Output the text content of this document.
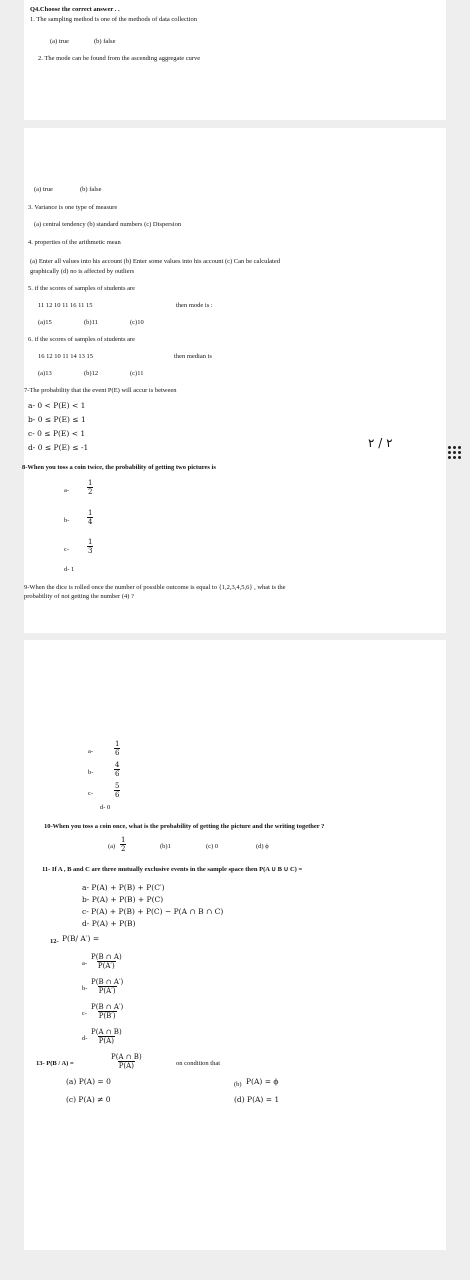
Q4.Choose the correct answer . .
1. The sampling method is one of the methods of data collection
(a) true	(b) false
2. The mode can be found from the ascending aggregate curve
(a) true	(b) false
3. Variance is one type of measure
(a) central tendency (b) standard numbers (c) Dispersion
4. properties of the arithmetic mean
(a) Enter all values into his account (b) Enter some values into his account (c) Can be calculated
graphically (d) no is affected by outliers
5. if the scores of samples of students are
11 12 10 11 16 11 15	then mode is :
(a)15	(b)11	(c)10
6. if the scores of samples of students are
16 12 10 11 14 13 15	then median is
(a)13	(b)12	(c)11
7-The probability that the event P(E) will accur is between
a- 0 < P(E) < 1
b- 0 ≤ P(E) ≤ 1
c- 0 ≤ P(E) < 1
d- 0 ≤ P(E) ≤ -1	٢ / ٢
8-When you toss a coin twice, the probability of getting two pictures is
a-	$\frac{1}{2}$
b-	$\frac{1}{4}$
c-	$\frac{1}{3}$
d- 1
9-When the dice is rolled once the number of possible outcome is equal to {1,2,3,4,5,6} , what is the
probability of not getting the number (4) ?
a-	$\frac{1}{6}$
b-	$\frac{4}{6}$
c-	$\frac{5}{6}$
d- 0
10-When you toss a coin once, what is the probability of getting the picture and the writing together ?
$(a) \frac{1}{2}$	(b)1	(c) 0	(d) ϕ
11- If A , B and C are three mutually exclusive events in the sample space then P(A ∪ B ∪ C) =
a- P(A) + P(B) + P(C′)
b- P(A) + P(B) + P(C)
c- P(A) + P(B) + P(C) − P(A ∩ B ∩ C)
d- P(A) + P(B)
12- P(B/ A′) =
$a- \frac{P(B \cap A)}{P(A')}$
$b- \frac{P(B \cap A')}{P(A')}$
$c- \frac{P(B \cap A')}{P(B')}$
$d- \frac{P(A \cap B)}{P(A)}$
13- P(B / A) =	$\frac{P(A \cap B)}{P(A)}$	on condition that
(a) P(A) = 0	(b) P(A) = ϕ
(c) P(A) ≠ 0	(d) P(A) = 1
